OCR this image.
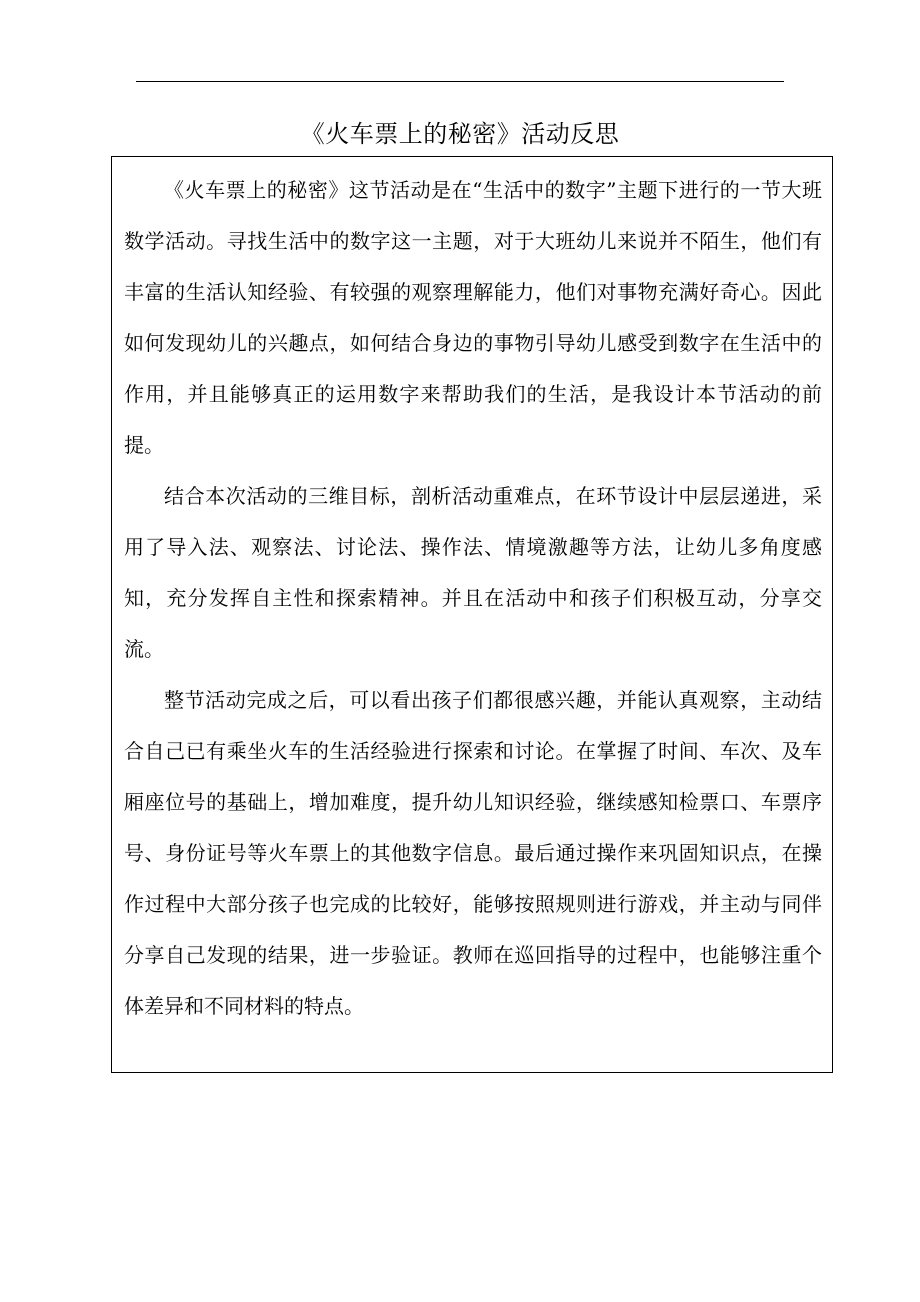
《火车票上的秘密》活动反思

《火车票上的秘密》这节活动是在“生活中的数字”主题下进行的一节大班数学活动。寻找生活中的数字这一主题，对于大班幼儿来说并不陌生，他们有丰富的生活认知经验、有较强的观察理解能力，他们对事物充满好奇心。因此如何发现幼儿的兴趣点，如何结合身边的事物引导幼儿感受到数字在生活中的作用，并且能够真正的运用数字来帮助我们的生活，是我设计本节活动的前提。

结合本次活动的三维目标，剖析活动重难点，在环节设计中层层递进，采用了导入法、观察法、讨论法、操作法、情境激趣等方法，让幼儿多角度感知，充分发挥自主性和探索精神。并且在活动中和孩子们积极互动，分享交流。

整节活动完成之后，可以看出孩子们都很感兴趣，并能认真观察，主动结合自己已有乘坐火车的生活经验进行探索和讨论。在掌握了时间、车次、及车厢座位号的基础上，增加难度，提升幼儿知识经验，继续感知检票口、车票序号、身份证号等火车票上的其他数字信息。最后通过操作来巩固知识点，在操作过程中大部分孩子也完成的比较好，能够按照规则进行游戏，并主动与同伴分享自己发现的结果，进一步验证。教师在巡回指导的过程中，也能够注重个体差异和不同材料的特点。
